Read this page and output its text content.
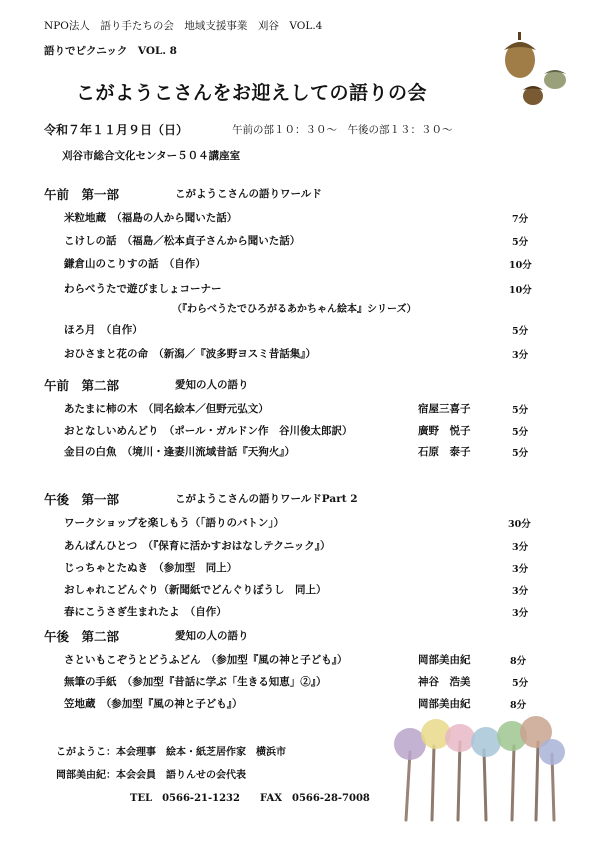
NPO法人　語り手たちの会　地域支援事業　刈谷　VOL.4
語りでピクニック　VOL. 8
こがようこさんをお迎えしての語りの会
令和７年１１月９日（日）	午前の部１０：３０〜　午後の部１３：３０〜
刈谷市総合文化センター５０４講座室
午前　第一部	こがようこさんの語りワールド
米粒地蔵　（福島の人から聞いた話）	7分
こけしの話　（福島／松本貞子さんから聞いた話）	5分
鎌倉山のこりすの話　（自作）	10分
わらべうたで遊びましょコーナー	10分
（『わらべうたでひろがるあかちゃん絵本』シリーズ）
ほろ月　（自作）	5分
おひさまと花の命　（新潟／『波多野ヨスミ昔話集』）	3分
午前　第二部	愛知の人の語り
あたまに柿の木　（同名絵本／但野元弘文）	宿屋三喜子	5分
おとなしいめんどり　（ポール・ガルドン作　谷川俊太郎訳）	廣野　悦子	5分
金目の白魚　（境川・逢妻川流域昔話『天狗火』）	石原　泰子	5分
午後　第一部	こがようこさんの語りワールドPart 2
ワークショップを楽しもう（「語りのバトン」）	30分
あんぱんひとつ　（『保育に活かすおはなしテクニック』）	3分
じっちゃとたぬき　（参加型　同上）	3分
おしゃれこどんぐり（新聞紙でどんぐりぼうし　同上）	3分
春にこうさぎ生まれたよ　（自作）	3分
午後　第二部	愛知の人の語り
さといもこぞうとどうふどん　（参加型『風の神と子ども』）	岡部美由紀	8分
無筆の手紙　（参加型『昔話に学ぶ「生きる知恵」②』）	神谷　浩美	5分
笠地蔵　（参加型『風の神と子ども』）	岡部美由紀	8分
こがようこ：本会理事　絵本・紙芝居作家　横浜市
岡部美由紀：本会会員　語りんせの会代表
TEL　0566-21-1232　　FAX　0566-28-7008
